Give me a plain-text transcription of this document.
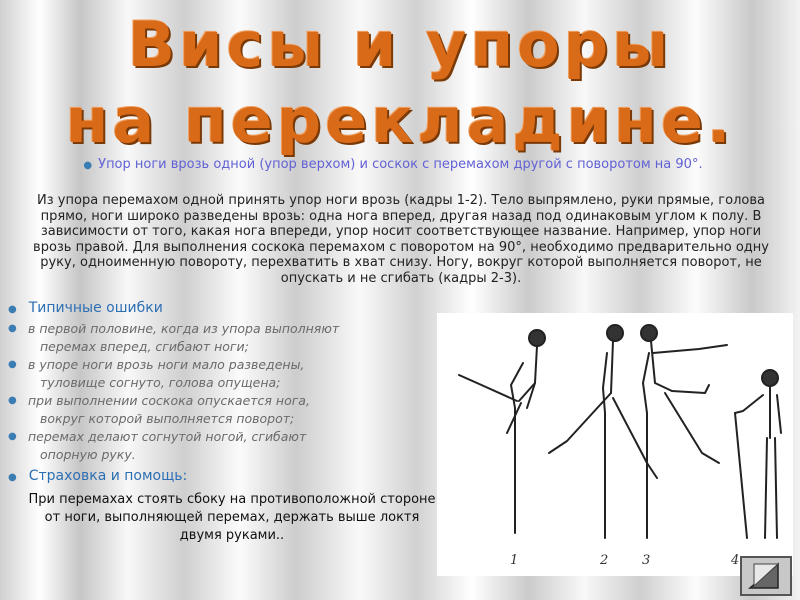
Висы и упоры
на перекладине.
● Упор ноги врозь одной (упор верхом) и соскок с перемахом другой с поворотом на 90°.
Из упора перемахом одной принять упор ноги врозь (кадры 1-2). Тело выпрямлено, руки прямые, голова прямо, ноги широко разведены врозь: одна нога вперед, другая назад под одинаковым углом к полу. В зависимости от того, какая нога впереди, упор носит соответствующее название. Например, упор ноги врозь правой. Для выполнения соскока перемахом с поворотом на 90°, необходимо предварительно одну руку, одноименную повороту, перехватить в хват снизу. Ногу, вокруг которой выполняется поворот, не опускать и не сгибать (кадры 2-3).
● Типичные ошибки
● в первой половине, когда из упора выполняют
перемах вперед, сгибают ноги;
● в упоре ноги врозь ноги мало разведены,
туловище согнуто, голова опущена;
● при выполнении соскока опускается нога,
вокруг которой выполняется поворот;
● перемах делают согнутой ногой, сгибают
опорную руку.
● Страховка и помощь:
При перемахах стоять сбоку на противоположной стороне от ноги, выполняющей перемах, держать выше локтя двумя руками..
1	2	3	4
